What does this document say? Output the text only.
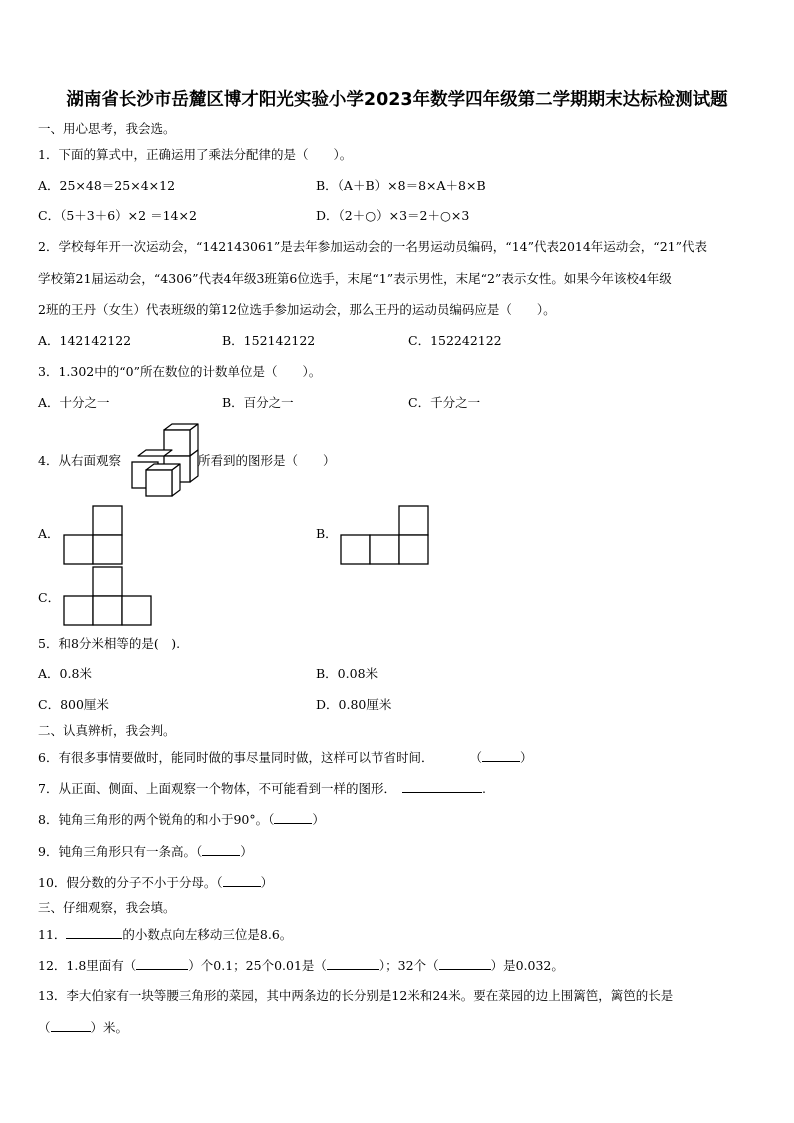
湖南省长沙市岳麓区博才阳光实验小学2023年数学四年级第二学期期末达标检测试题
一、用心思考，我会选。
1．下面的算式中，正确运用了乘法分配律的是（　　）。
A．25×48＝25×4×12	B．（A＋B）×8＝8×A＋8×B
C．（5＋3＋6）×2 ＝14×2	D．（2＋○）×3＝2＋○×3
2．学校每年开一次运动会，“142143061”是去年参加运动会的一名男运动员编码，“14”代表2014年运动会，“21”代表
学校第21届运动会，“4306”代表4年级3班第6位选手，末尾“1”表示男性，末尾“2”表示女性。如果今年该校4年级
2班的王丹（女生）代表班级的第12位选手参加运动会，那么王丹的运动员编码应是（　　）。
A．142142122	B．152142122	C．152242122
3．1.302中的“0”所在数位的计数单位是（　　）。
A．十分之一	B．百分之一	C．千分之一
4．从右面观察	所看到的图形是（　　）
A．	B．
C．
5．和8分米相等的是(　).
A．0.8米	B．0.08米
C．800厘米	D．0.80厘米
二、认真辨析，我会判。
6．有很多事情要做时，能同时做的事尽量同时做，这样可以节省时间．	（	）
7．从正面、侧面、上面观察一个物体，不可能看到一样的图形．	.
8．钝角三角形的两个锐角的和小于90°。（	）
9．钝角三角形只有一条高。（	）
10．假分数的分子不小于分母。（	）
三、仔细观察，我会填。
11．	的小数点向左移动三位是8.6。
12．1.8里面有（	）个0.1；25个0.01是（	）；32个（	）是0.032。
13．李大伯家有一块等腰三角形的菜园，其中两条边的长分别是12米和24米。要在菜园的边上围篱笆，篱笆的长是
（	）米。
